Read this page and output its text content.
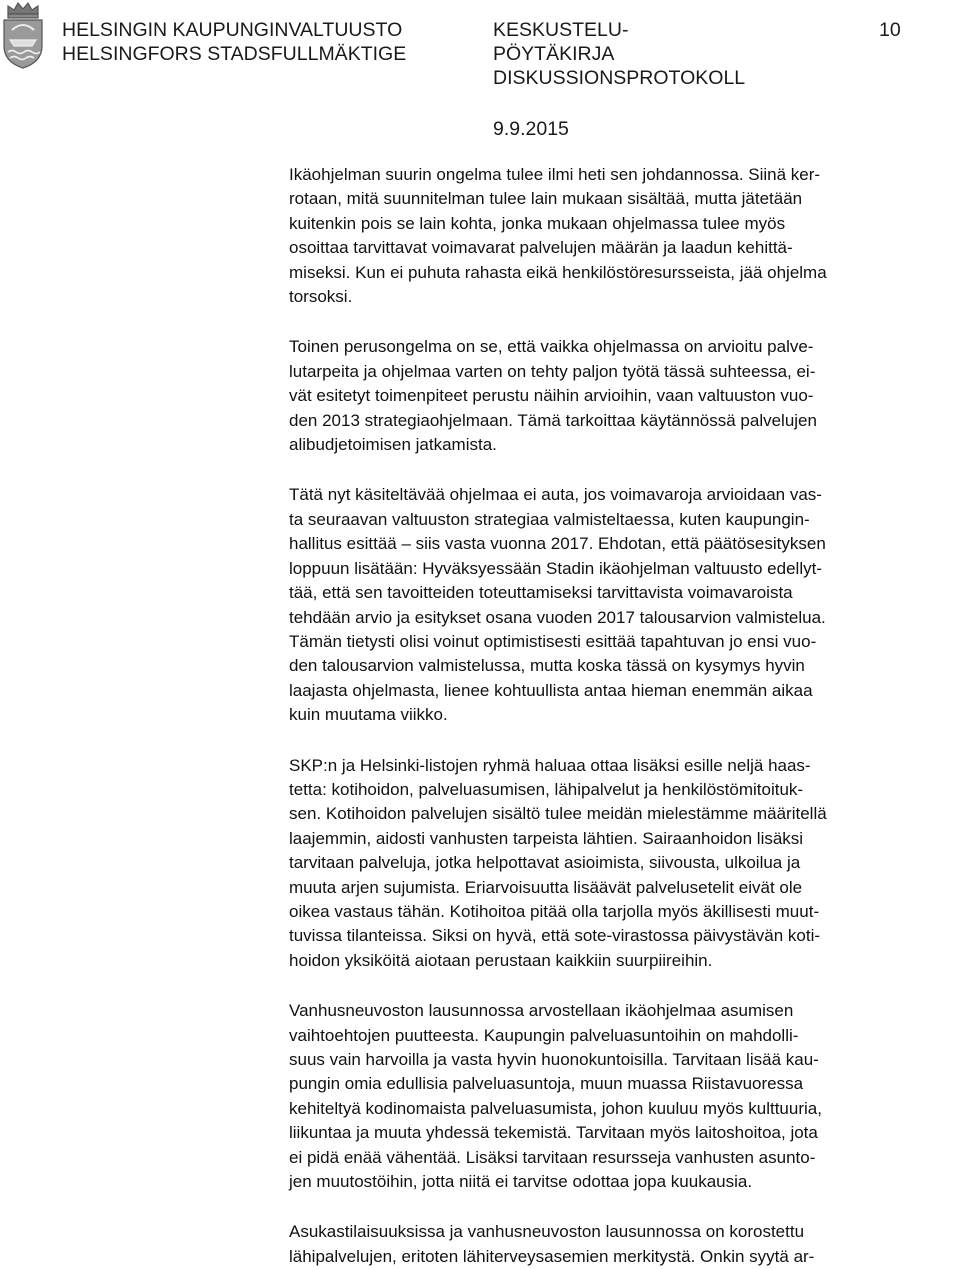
HELSINGIN KAUPUNGINVALTUUSTO
HELSINGFORS STADSFULLMÄKTIGE
KESKUSTELU-
PÖYTÄKIRJA
DISKUSSIONSPROTOKOLL
10
9.9.2015

Ikäohjelman suurin ongelma tulee ilmi heti sen johdannossa. Siinä ker-
rotaan, mitä suunnitelman tulee lain mukaan sisältää, mutta jätetään
kuitenkin pois se lain kohta, jonka mukaan ohjelmassa tulee myös
osoittaa tarvittavat voimavarat palvelujen määrän ja laadun kehittä-
miseksi. Kun ei puhuta rahasta eikä henkilöstöresursseista, jää ohjelma
torsoksi.

Toinen perusongelma on se, että vaikka ohjelmassa on arvioitu palve-
lutarpeita ja ohjelmaa varten on tehty paljon työtä tässä suhteessa, ei-
vät esitetyt toimenpiteet perustu näihin arvioihin, vaan valtuuston vuo-
den 2013 strategiaohjelmaan. Tämä tarkoittaa käytännössä palvelujen
alibudjetoimisen jatkamista.

Tätä nyt käsiteltävää ohjelmaa ei auta, jos voimavaroja arvioidaan vas-
ta seuraavan valtuuston strategiaa valmisteltaessa, kuten kaupungin-
hallitus esittää – siis vasta vuonna 2017. Ehdotan, että päätösesityksen
loppuun lisätään: Hyväksyessään Stadin ikäohjelman valtuusto edellyt-
tää, että sen tavoitteiden toteuttamiseksi tarvittavista voimavaroista
tehdään arvio ja esitykset osana vuoden 2017 talousarvion valmistelua.
Tämän tietysti olisi voinut optimistisesti esittää tapahtuvan jo ensi vuo-
den talousarvion valmistelussa, mutta koska tässä on kysymys hyvin
laajasta ohjelmasta, lienee kohtuullista antaa hieman enemmän aikaa
kuin muutama viikko.

SKP:n ja Helsinki-listojen ryhmä haluaa ottaa lisäksi esille neljä haas-
tetta: kotihoidon, palveluasumisen, lähipalvelut ja henkilöstömitoituk-
sen. Kotihoidon palvelujen sisältö tulee meidän mielestämme määritellä
laajemmin, aidosti vanhusten tarpeista lähtien. Sairaanhoidon lisäksi
tarvitaan palveluja, jotka helpottavat asioimista, siivousta, ulkoilua ja
muuta arjen sujumista. Eriarvoisuutta lisäävät palvelusetelit eivät ole
oikea vastaus tähän. Kotihoitoa pitää olla tarjolla myös äkillisesti muut-
tuvissa tilanteissa. Siksi on hyvä, että sote-virastossa päivystävän koti-
hoidon yksiköitä aiotaan perustaan kaikkiin suurpiireihin.

Vanhusneuvoston lausunnossa arvostellaan ikäohjelmaa asumisen
vaihtoehtojen puutteesta. Kaupungin palveluasuntoihin on mahdolli-
suus vain harvoilla ja vasta hyvin huonokuntoisilla. Tarvitaan lisää kau-
pungin omia edullisia palveluasuntoja, muun muassa Riistavuoressa
kehiteltyä kodinomaista palveluasumista, johon kuuluu myös kulttuuria,
liikuntaa ja muuta yhdessä tekemistä. Tarvitaan myös laitoshoitoa, jota
ei pidä enää vähentää. Lisäksi tarvitaan resursseja vanhusten asunto-
jen muutostöihin, jotta niitä ei tarvitse odottaa jopa kuukausia.

Asukastilaisuuksissa ja vanhusneuvoston lausunnossa on korostettu
lähipalvelujen, eritoten lähiterveysasemien merkitystä. Onkin syytä ar-
